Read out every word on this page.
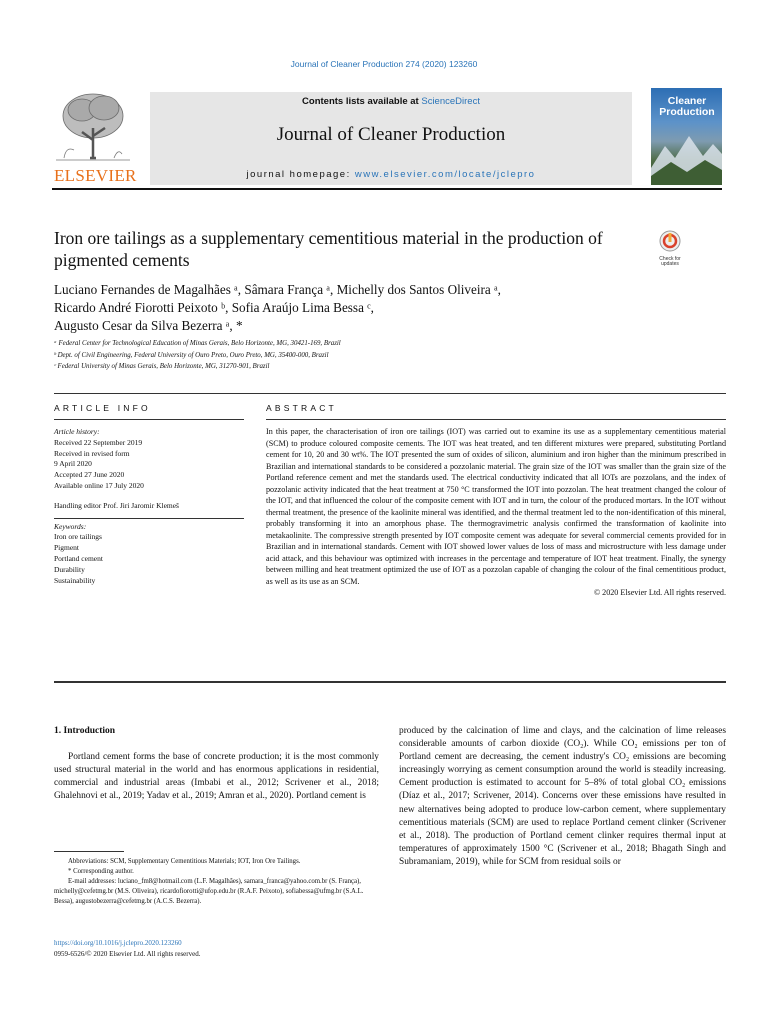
Journal of Cleaner Production 274 (2020) 123260
ELSEVIER
Contents lists available at ScienceDirect
Journal of Cleaner Production
journal homepage: www.elsevier.com/locate/jclepro
Cleaner
Production
Iron ore tailings as a supplementary cementitious material in the production of pigmented cements	Check for updates
Luciano Fernandes de Magalhães ᵃ, Sâmara França ᵃ, Michelly dos Santos Oliveira ᵃ,
Ricardo André Fiorotti Peixoto ᵇ, Sofia Araújo Lima Bessa ᶜ,
Augusto Cesar da Silva Bezerra ᵃ, *
ᵃ Federal Center for Technological Education of Minas Gerais, Belo Horizonte, MG, 30421-169, Brazil
ᵇ Dept. of Civil Engineering, Federal University of Ouro Preto, Ouro Preto, MG, 35400-000, Brazil
ᶜ Federal University of Minas Gerais, Belo Horizonte, MG, 31270-901, Brazil
ARTICLE INFO	ABSTRACT
Article history:
Received 22 September 2019
Received in revised form
9 April 2020
Accepted 27 June 2020
Available online 17 July 2020
Handling editor Prof. Jiri Jaromir Klemeš
Keywords:
Iron ore tailings
Pigment
Portland cement
Durability
Sustainability
In this paper, the characterisation of iron ore tailings (IOT) was carried out to examine its use as a supplementary cementitious material (SCM) to produce coloured composite cements. The IOT was heat treated, and ten different mixtures were prepared, substituting Portland cement for 10, 20 and 30 wt%. The IOT presented the sum of oxides of silicon, aluminium and iron higher than the minimum prescribed in Brazilian and international standards to be considered a pozzolanic material. The grain size of the IOT was smaller than the grain size of the Portland reference cement and met the standards used. The electrical conductivity indicated that all IOTs are pozzolans, and the index of pozzolanic activity indicated that the heat treatment at 750 °C transformed the IOT into pozzolan. The heat treatment changed the colour of the IOT, and that influenced the colour of the composite cement with IOT and in turn, the colour of the produced mortars. In the IOT without thermal treatment, the presence of the kaolinite mineral was identified, and the thermal treatment led to the non-identification of this mineral, probably transforming it into an amorphous phase. The thermogravimetric analysis confirmed the transformation of kaolinite into metakaolinite. The compressive strength presented by IOT composite cement was adequate for several commercial cements provided for in Brazilian and in international standards. Cement with IOT showed lower values de loss of mass and microstructure with less damage under acid attack, and this behaviour was optimized with increases in the percentage and temperature of IOT heat treatment. Finally, the synergy between milling and heat treatment optimized the use of IOT as a pozzolan capable of changing the colour of the final cementitious product, as well as its use as an SCM.
© 2020 Elsevier Ltd. All rights reserved.
1. Introduction

Portland cement forms the base of concrete production; it is the most commonly used structural material in the world and has enormous applications in residential, commercial and industrial areas (Imbabi et al., 2012; Scrivener et al., 2018; Ghalehnovi et al., 2019; Yadav et al., 2019; Amran et al., 2020). Portland cement is

produced by the calcination of lime and clays, and the calcination of lime releases considerable amounts of carbon dioxide (CO₂). While CO₂ emissions per ton of Portland cement are decreasing, the cement industry's CO₂ emissions are becoming increasingly worrying as cement consumption around the world is steadily increasing. Cement production is estimated to account for 5–8% of total global CO₂ emissions (Díaz et al., 2017; Scrivener, 2014). Concerns over these emissions have resulted in new alternatives being adopted to produce low-carbon cement, where supplementary cementitious materials (SCM) are used to replace Portland cement clinker (Scrivener et al., 2018). The production of Portland cement clinker requires thermal input at temperatures of approximately 1500 °C (Scrivener et al., 2018; Bhagath Singh and Subramaniam, 2019), while for SCM from residual soils or

Abbreviations: SCM, Supplementary Cementitious Materials; IOT, Iron Ore Tailings.
* Corresponding author.
E-mail addresses: luciano_fm8@hotmail.com (L.F. Magalhães), samara_franca@yahoo.com.br (S. França), michelly@cefetmg.br (M.S. Oliveira), ricardofiorotti@ufop.edu.br (R.A.F. Peixoto), sofiabessa@ufmg.br (S.A.L. Bessa), augustobezerra@cefetmg.br (A.C.S. Bezerra).
https://doi.org/10.1016/j.jclepro.2020.123260
0959-6526/© 2020 Elsevier Ltd. All rights reserved.
